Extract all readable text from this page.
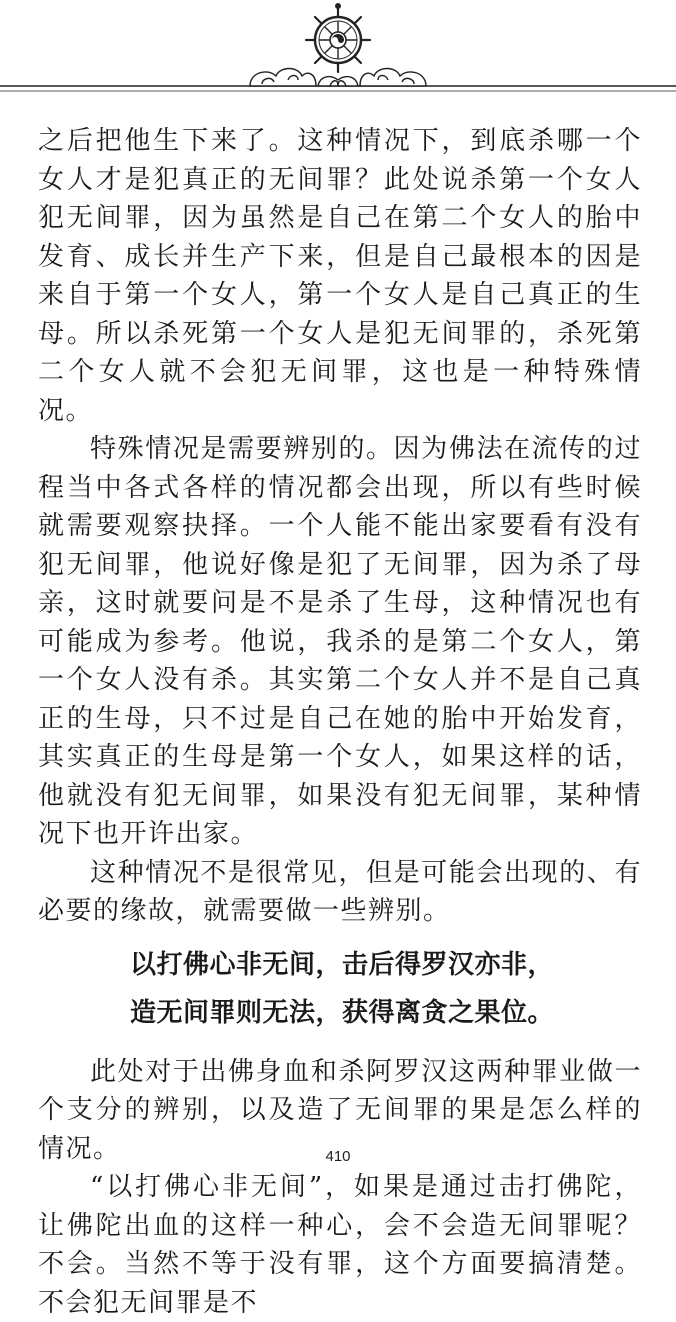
之后把他生下来了。这种情况下，到底杀哪一个女人才是犯真正的无间罪？此处说杀第一个女人犯无间罪，因为虽然是自己在第二个女人的胎中发育、成长并生产下来，但是自己最根本的因是来自于第一个女人，第一个女人是自己真正的生母。所以杀死第一个女人是犯无间罪的，杀死第二个女人就不会犯无间罪，这也是一种特殊情况。

特殊情况是需要辨别的。因为佛法在流传的过程当中各式各样的情况都会出现，所以有些时候就需要观察抉择。一个人能不能出家要看有没有犯无间罪，他说好像是犯了无间罪，因为杀了母亲，这时就要问是不是杀了生母，这种情况也有可能成为参考。他说，我杀的是第二个女人，第一个女人没有杀。其实第二个女人并不是自己真正的生母，只不过是自己在她的胎中开始发育，其实真正的生母是第一个女人，如果这样的话，他就没有犯无间罪，如果没有犯无间罪，某种情况下也开许出家。

这种情况不是很常见，但是可能会出现的、有必要的缘故，就需要做一些辨别。

以打佛心非无间，击后得罗汉亦非，

造无间罪则无法，获得离贪之果位。

此处对于出佛身血和杀阿罗汉这两种罪业做一个支分的辨别，以及造了无间罪的果是怎么样的情况。

“以打佛心非无间”，如果是通过击打佛陀，让佛陀出血的这样一种心，会不会造无间罪呢？不会。当然不等于没有罪，这个方面要搞清楚。不会犯无间罪是不

410
